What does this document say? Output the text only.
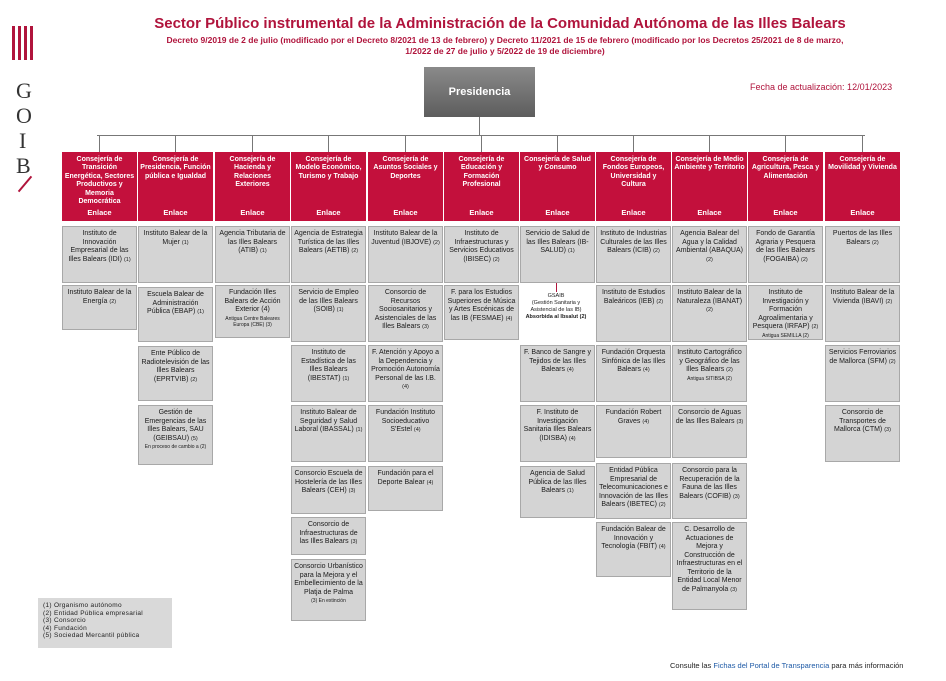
G
O
I
B
Sector Público instrumental de la Administración de la Comunidad Autónoma de las Illes Balears
Decreto 9/2019 de 2 de julio (modificado por el Decreto 8/2021 de 13 de febrero) y Decreto 11/2021 de 15 de febrero (modificado por los Decretos 25/2021 de 8 de marzo,
1/2022 de 27 de julio y 5/2022 de 19 de diciembre)
Fecha de actualización: 12/01/2023
Presidencia
Consejería de Transición Energética, Sectores Productivos y Memoria Democrática
Enlace
Instituto de Innovación Empresarial de las Illes Balears (IDI) (1)
Instituto Balear de la Energía (2)
Consejería de Presidencia, Función pública e Igualdad
Enlace
Instituto Balear de la Mujer (1)
Escuela Balear de Administración Pública (EBAP) (1)
Ente Público de Radiotelevisión de las Illes Balears (EPRTVIB) (2)
Gestión de Emergencias de las Illes Balears, SAU (GEIBSAU) (5)
En proceso de cambio a (2)
Consejería de Hacienda y Relaciones Exteriores
Enlace
Agencia Tributaria de las Illes Balears (ATIB) (1)
Fundación Illes Balears de Acción Exterior (4)
Antigua Centre Baleares Europa (CBE) (3)
Consejería de Modelo Económico, Turismo y Trabajo
Enlace
Agencia de Estrategia Turística de las Illes Balears (AETIB) (2)
Servicio de Empleo de las Illes Balears (SOIB) (1)
Instituto de Estadística de las Illes Balears (IBESTAT) (1)
Instituto Balear de Seguridad y Salud Laboral (IBASSAL) (1)
Consorcio Escuela de Hostelería de las Illes Balears (CEH) (3)
Consorcio de Infraestructuras de las Illes Balears (3)
Consorcio Urbanístico para la Mejora y el Embellecimiento de la Platja de Palma
(3) En extinción
Consejería de Asuntos Sociales y Deportes
Enlace
Instituto Balear de la Juventud (IBJOVE) (2)
Consorcio de Recursos Sociosanitarios y Asistenciales de las Illes Balears (3)
F. Atención y Apoyo a la Dependencia y Promoción Autonomía Personal de las I.B. (4)
Fundación Instituto Socioeducativo S'Estel (4)
Fundación para el Deporte Balear (4)
Consejería de Educación y Formación Profesional
Enlace
Instituto de Infraestructuras y Servicios Educativos (IBISEC) (2)
F. para los Estudios Superiores de Música y Artes Escénicas de las IB (FESMAE) (4)
Consejería de Salud y Consumo
Enlace
Servicio de Salud de las Illes Balears (IB-SALUD) (1)
F. Banco de Sangre y Tejidos de las Illes Balears (4)
F. Instituto de Investigación Sanitaria Illes Balears (IDISBA) (4)
Agencia de Salud Pública de las Illes Balears (1)
Consejería de Fondos Europeos, Universidad y Cultura
Enlace
Instituto de Industrias Culturales de las Illes Balears (ICIB) (2)
Instituto de Estudios Baleáricos (IEB) (2)
Fundación Orquesta Sinfónica de las Illes Balears (4)
Fundación Robert Graves (4)
Entidad Pública Empresarial de Telecomunicaciones e Innovación de las Illes Balears (IBETEC) (2)
Fundación Balear de Innovación y Tecnología (FBIT) (4)
Consejería de Medio Ambiente y Territorio
Enlace
Agencia Balear del Agua y la Calidad Ambiental (ABAQUA) (2)
Instituto Balear de la Naturaleza (IBANAT) (2)
Instituto Cartográfico y Geográfico de las Illes Balears (2)
Antigua SITIBSA (2)
Consorcio de Aguas de las Illes Balears (3)
Consorcio para la Recuperación de la Fauna de las Illes Balears (COFIB) (3)
C. Desarrollo de Actuaciones de Mejora y Construcción de Infraestructuras en el Territorio de la Entidad Local Menor de Palmanyola (3)
Consejería de Agricultura, Pesca y Alimentación
Enlace
Fondo de Garantía Agraria y Pesquera de las Illes Balears (FOGAIBA) (2)
Instituto de Investigación y Formación Agroalimentaria y Pesquera (IRFAP) (2)
Antigua SEMILLA (2)
Consejería de Movilidad y Vivienda
Enlace
Puertos de las Illes Balears (2)
Instituto Balear de la Vivienda (IBAVI) (2)
Servicios Ferroviarios de Mallorca (SFM) (2)
Consorcio de Transportes de Mallorca (CTM) (3)
GSAIB
(Gestión Sanitaria y Asistencial de las IB)
Absorbida al Ibsalut (2)
(1) Organismo autónomo
(2) Entidad Pública empresarial
(3) Consorcio
(4) Fundación
(5) Sociedad Mercantil pública
Consulte las Fichas del Portal de Transparencia para más información
